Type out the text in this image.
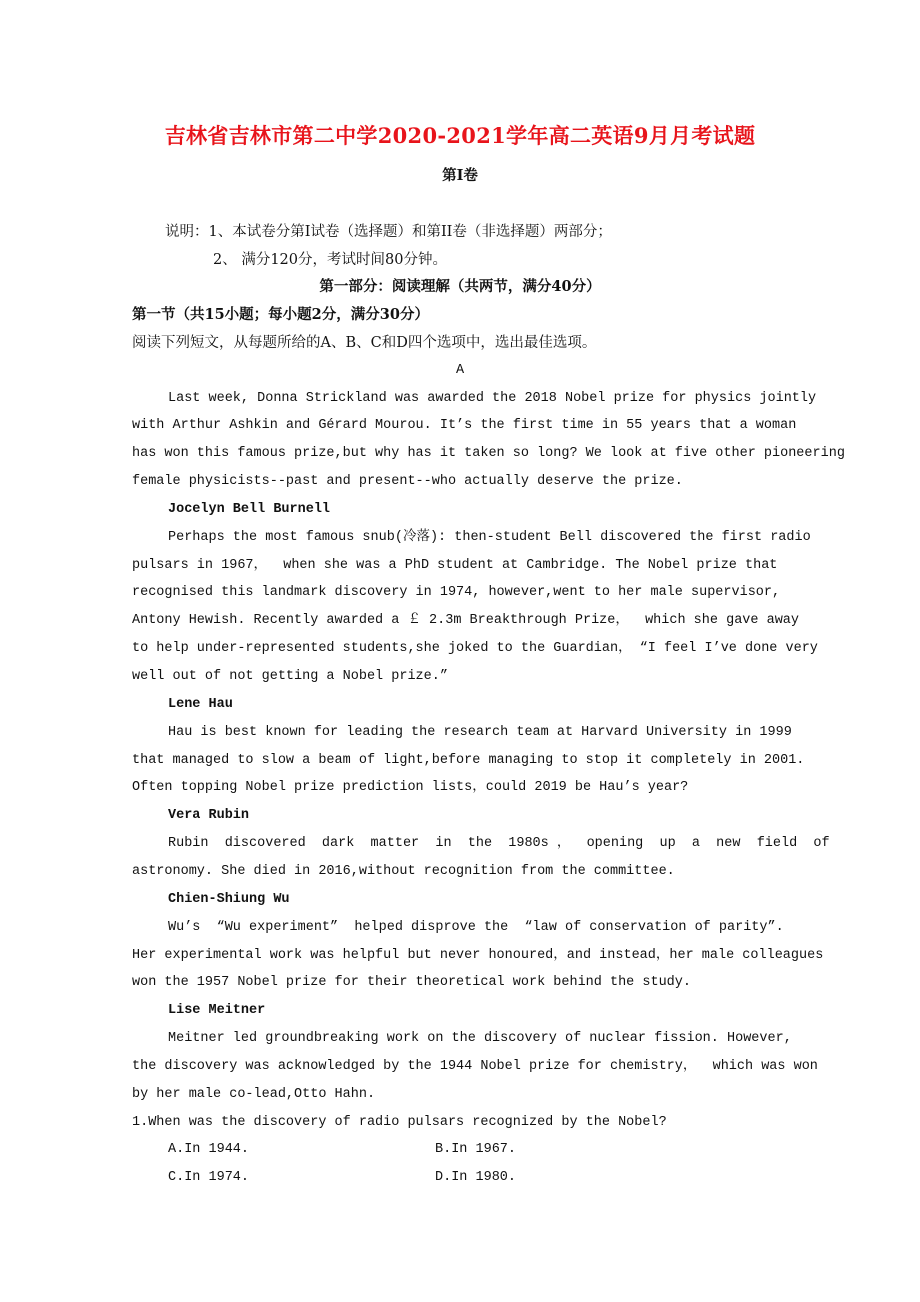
吉林省吉林市第二中学2020-2021学年高二英语9月月考试题
第I卷
说明：1、本试卷分第I试卷（选择题）和第II卷（非选择题）两部分；
2、 满分120分，考试时间80分钟。
第一部分：阅读理解（共两节，满分40分）
第一节（共15小题；每小题2分，满分30分）
阅读下列短文，从每题所给的A、B、C和D四个选项中，选出最佳选项。
A
Last week, Donna Strickland was awarded the 2018 Nobel prize for physics jointly
with Arthur Ashkin and Gérard Mourou. It’s the first time in 55 years that a woman
has won this famous prize,but why has it taken so long? We look at five other pioneering
female physicists--past and present--who actually deserve the prize.
Jocelyn Bell Burnell
Perhaps the most famous snub(冷落): then-student Bell discovered the first radio
pulsars in 1967，  when she was a PhD student at Cambridge. The Nobel prize that
recognised this landmark discovery in 1974, however,went to her male supervisor,
Antony Hewish. Recently awarded a ￡ 2.3m Breakthrough Prize，  which she gave away
to help under-represented students,she joked to the Guardian， “I feel I’ve done very
well out of not getting a Nobel prize.”
Lene Hau
Hau is best known for leading the research team at Harvard University in 1999
that managed to slow a beam of light,before managing to stop it completely in 2001.
Often topping Nobel prize prediction lists，could 2019 be Hau’s year?
Vera Rubin
Rubin  discovered  dark  matter  in  the  1980s ，  opening  up  a  new  field  of
astronomy. She died in 2016,without recognition from the committee.
Chien-Shiung Wu
Wu’s  “Wu experiment”  helped disprove the  “law of conservation of parity”.
Her experimental work was helpful but never honoured，and instead，her male colleagues
won the 1957 Nobel prize for their theoretical work behind the study.
Lise Meitner
Meitner led groundbreaking work on the discovery of nuclear fission. However,
the discovery was acknowledged by the 1944 Nobel prize for chemistry，  which was won
by her male co-lead,Otto Hahn.
1.When was the discovery of radio pulsars recognized by the Nobel?
A.In 1944.	B.In 1967.
C.In 1974.	D.In 1980.
